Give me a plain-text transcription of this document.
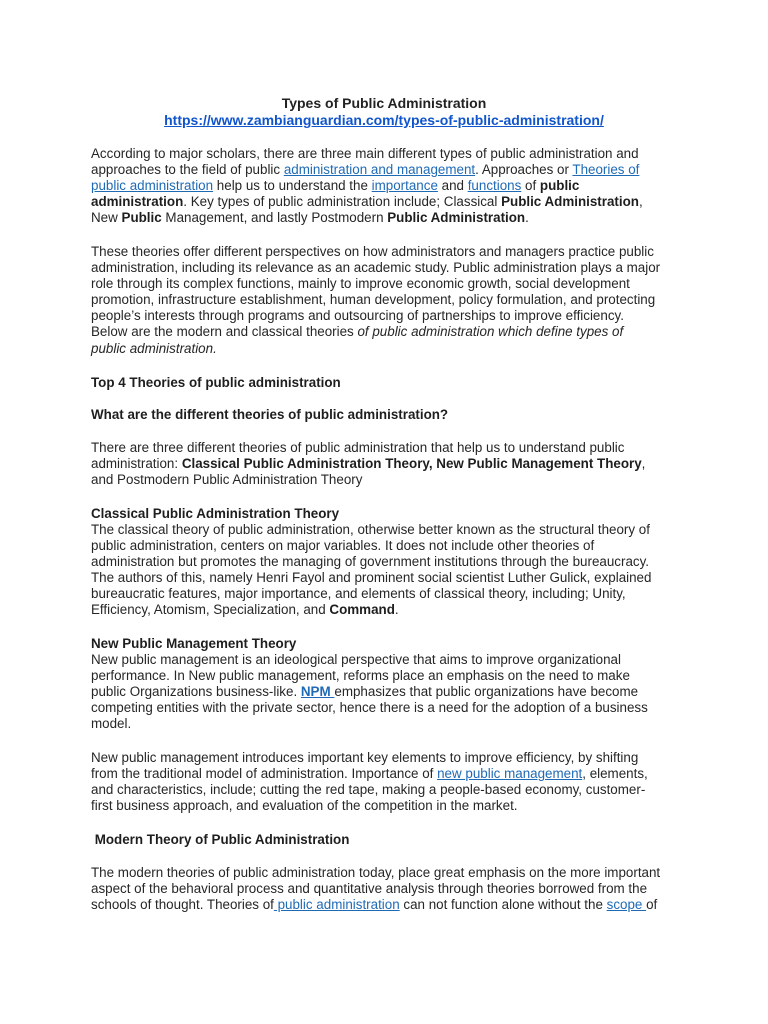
Types of Public Administration
https://www.zambianguardian.com/types-of-public-administration/
According to major scholars, there are three main different types of public administration and
approaches to the field of public administration and management. Approaches or Theories of
public administration help us to understand the importance and functions of public
administration. Key types of public administration include; Classical Public Administration,
New Public Management, and lastly Postmodern Public Administration.
These theories offer different perspectives on how administrators and managers practice public
administration, including its relevance as an academic study. Public administration plays a major
role through its complex functions, mainly to improve economic growth, social development
promotion, infrastructure establishment, human development, policy formulation, and protecting
people’s interests through programs and outsourcing of partnerships to improve efficiency.
Below are the modern and classical theories of public administration which define types of
public administration.
Top 4 Theories of public administration
What are the different theories of public administration?
There are three different theories of public administration that help us to understand public
administration: Classical Public Administration Theory, New Public Management Theory,
and Postmodern Public Administration Theory
Classical Public Administration Theory
The classical theory of public administration, otherwise better known as the structural theory of
public administration, centers on major variables. It does not include other theories of
administration but promotes the managing of government institutions through the bureaucracy.
The authors of this, namely Henri Fayol and prominent social scientist Luther Gulick, explained
bureaucratic features, major importance, and elements of classical theory, including; Unity,
Efficiency, Atomism, Specialization, and Command.
New Public Management Theory
New public management is an ideological perspective that aims to improve organizational
performance. In New public management, reforms place an emphasis on the need to make
public Organizations business-like. NPM emphasizes that public organizations have become
competing entities with the private sector, hence there is a need for the adoption of a business
model.
New public management introduces important key elements to improve efficiency, by shifting
from the traditional model of administration. Importance of new public management, elements,
and characteristics, include; cutting the red tape, making a people-based economy, customer-
first business approach, and evaluation of the competition in the market.
Modern Theory of Public Administration
The modern theories of public administration today, place great emphasis on the more important
aspect of the behavioral process and quantitative analysis through theories borrowed from the
schools of thought. Theories of public administration can not function alone without the scope of
